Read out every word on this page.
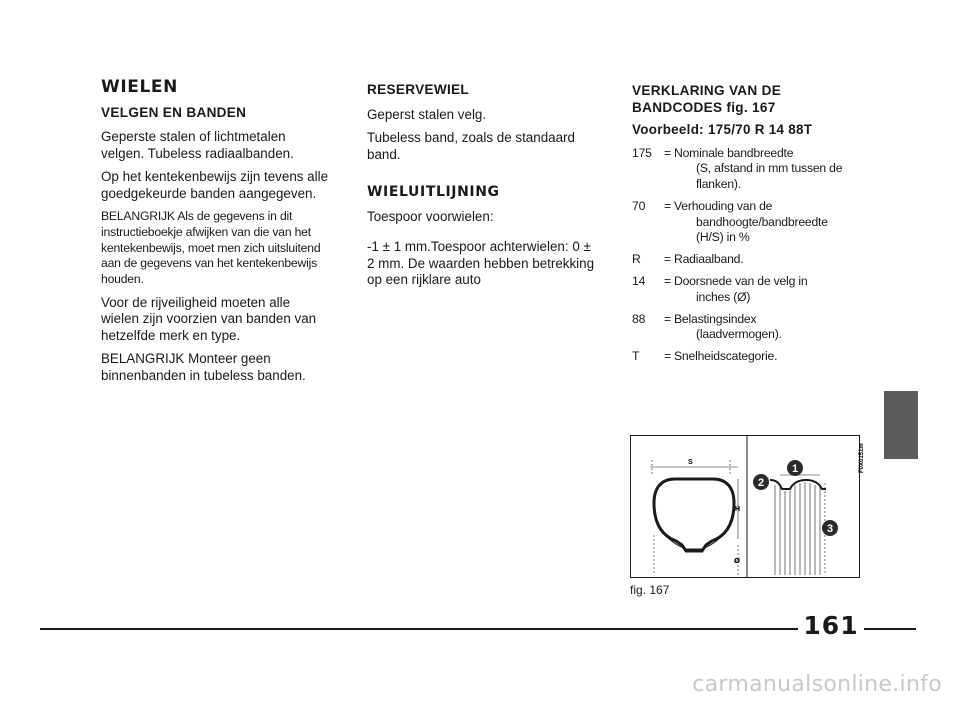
WIELEN
VELGEN EN BANDEN

Geperste stalen of lichtmetalen velgen. Tubeless radiaalbanden.

Op het kentekenbewijs zijn tevens alle goedgekeurde banden aangegeven.

BELANGRIJK Als de gegevens in dit instructieboekje afwijken van die van het kentekenbewijs, moet men zich uitsluitend aan de gegevens van het kentekenbewijs houden.

Voor de rijveiligheid moeten alle wielen zijn voorzien van banden van hetzelfde merk en type.

BELANGRIJK Monteer geen binnenbanden in tubeless banden.

RESERVEWIEL

Geperst stalen velg.

Tubeless band, zoals de standaard band.

WIELUITLIJNING

Toespoor voorwielen:

-1 ± 1 mm.Toespoor achterwielen: 0 ± 2 mm. De waarden hebben betrekking op een rijklare auto

VERKLARING VAN DE BANDCODES fig. 167

Voorbeeld: 175/70 R 14 88T

175	= Nominale bandbreedte
(S, afstand in mm tussen de flanken).
70	= Verhouding van de
bandhoogte/bandbreedte (H/S) in %
R	= Radiaalband.
14	= Doorsnede van de velg in
inches (Ø)
88	= Belastingsindex
(laadvermogen).
T	= Snelheidscategorie.
S
H
Ø
1
2
3
F0X0151m
fig. 167
161
carmanualsonline.info
